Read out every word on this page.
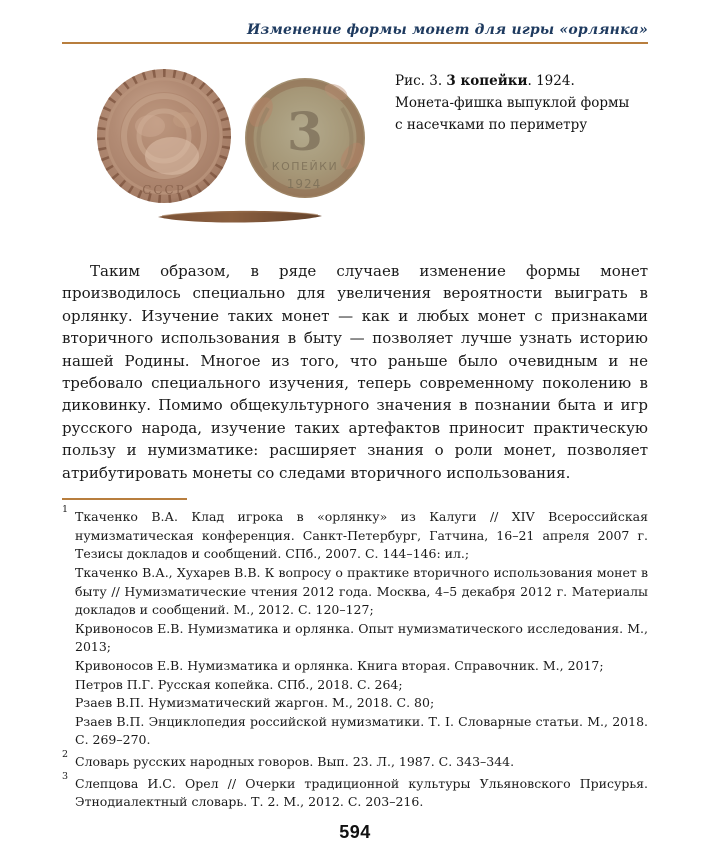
Изменение формы монет для игры «орлянка»
СССР
3
КОПЕЙКИ
1924
Рис. 3. 3 копейки. 1924.
Монета-фишка выпуклой формы
с насечками по периметру

Таким образом, в ряде случаев изменение формы монет производилось специально для увеличения вероятности выиграть в орлянку. Изучение таких монет — как и любых монет с признаками вторичного использования в быту — позволяет лучше узнать историю нашей Родины. Многое из того, что раньше было очевидным и не требовало специального изучения, теперь современному поколению в диковинку. Помимо общекультурного значения в познании быта и игр русского народа, изучение таких артефактов приносит практическую пользу и нумизматике: расширяет знания о роли монет, позволяет атрибутировать монеты со следами вторичного использования.

$^1$ Ткаченко В.А. Клад игрока в «орлянку» из Калуги // XIV Всероссийская нумизматическая конференция. Санкт-Петербург, Гатчина, 16–21 апреля 2007 г. Тезисы докладов и сообщений. СПб., 2007. С. 144–146: ил.;

Ткаченко В.А., Хухарев В.В. К вопросу о практике вторичного использования монет в быту // Нумизматические чтения 2012 года. Москва, 4–5 декабря 2012 г. Материалы докладов и сообщений. М., 2012. С. 120–127;

Кривоносов Е.В. Нумизматика и орлянка. Опыт нумизматического исследования. М., 2013;

Кривоносов Е.В. Нумизматика и орлянка. Книга вторая. Справочник. М., 2017;

Петров П.Г. Русская копейка. СПб., 2018. С. 264;

Рзаев В.П. Нумизматический жаргон. М., 2018. С. 80;

Рзаев В.П. Энциклопедия российской нумизматики. Т. I. Словарные статьи. М., 2018. С. 269–270.

$^2$ Словарь русских народных говоров. Вып. 23. Л., 1987. С. 343–344.

$^3$ Слепцова И.С. Орел // Очерки традиционной культуры Ульяновского Присурья. Этнодиалектный словарь. Т. 2. М., 2012. С. 203–216.

594
